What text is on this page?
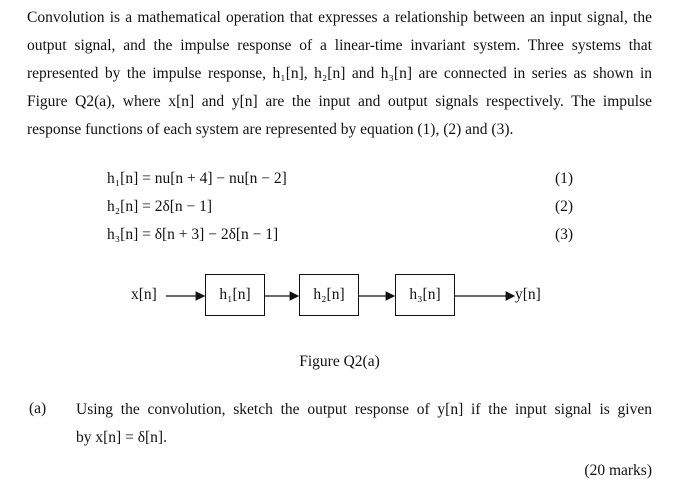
Convolution is a mathematical operation that expresses a relationship between an input signal, the
output signal, and the impulse response of a linear-time invariant system. Three systems that
represented by the impulse response, h₁[n], h₂[n] and h₃[n] are connected in series as shown in
Figure Q2(a), where x[n] and y[n] are the input and output signals respectively. The impulse
response functions of each system are represented by equation (1), (2) and (3).
h₁[n] = nu[n + 4] − nu[n − 2]	(1)
h₂[n] = 2δ[n − 1]	(2)
h₃[n] = δ[n + 3] − 2δ[n − 1]	(3)
x[n]	h₁[n]	h₂[n]	h₃[n]	y[n]
Figure Q2(a)
(a) Using the convolution, sketch the output response of y[n] if the input signal is given
by x[n] = δ[n].
(20 marks)
